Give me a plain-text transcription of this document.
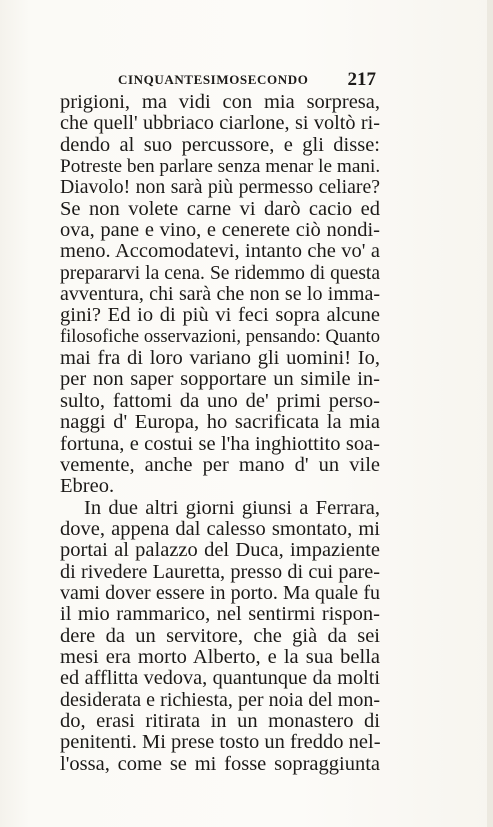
CINQUANTESIMOSECONDO 217
prigioni, ma vidi con mia sorpresa,
che quell' ubbriaco ciarlone, si voltò ri-
dendo al suo percussore, e gli disse:
Potreste ben parlare senza menar le mani.
Diavolo! non sarà più permesso celiare?
Se non volete carne vi darò cacio ed
ova, pane e vino, e cenerete ciò nondi-
meno. Accomodatevi, intanto che vo' a
prepararvi la cena. Se ridemmo di questa
avventura, chi sarà che non se lo imma-
gini? Ed io di più vi feci sopra alcune
filosofiche osservazioni, pensando: Quanto
mai fra di loro variano gli uomini! Io,
per non saper sopportare un simile in-
sulto, fattomi da uno de' primi perso-
naggi d' Europa, ho sacrificata la mia
fortuna, e costui se l'ha inghiottito soa-
vemente, anche per mano d' un vile
Ebreo.
In due altri giorni giunsi a Ferrara,
dove, appena dal calesso smontato, mi
portai al palazzo del Duca, impaziente
di rivedere Lauretta, presso di cui pare-
vami dover essere in porto. Ma quale fu
il mio rammarico, nel sentirmi rispon-
dere da un servitore, che già da sei
mesi era morto Alberto, e la sua bella
ed afflitta vedova, quantunque da molti
desiderata e richiesta, per noia del mon-
do, erasi ritirata in un monastero di
penitenti. Mi prese tosto un freddo nel-
l'ossa, come se mi fosse sopraggiunta
